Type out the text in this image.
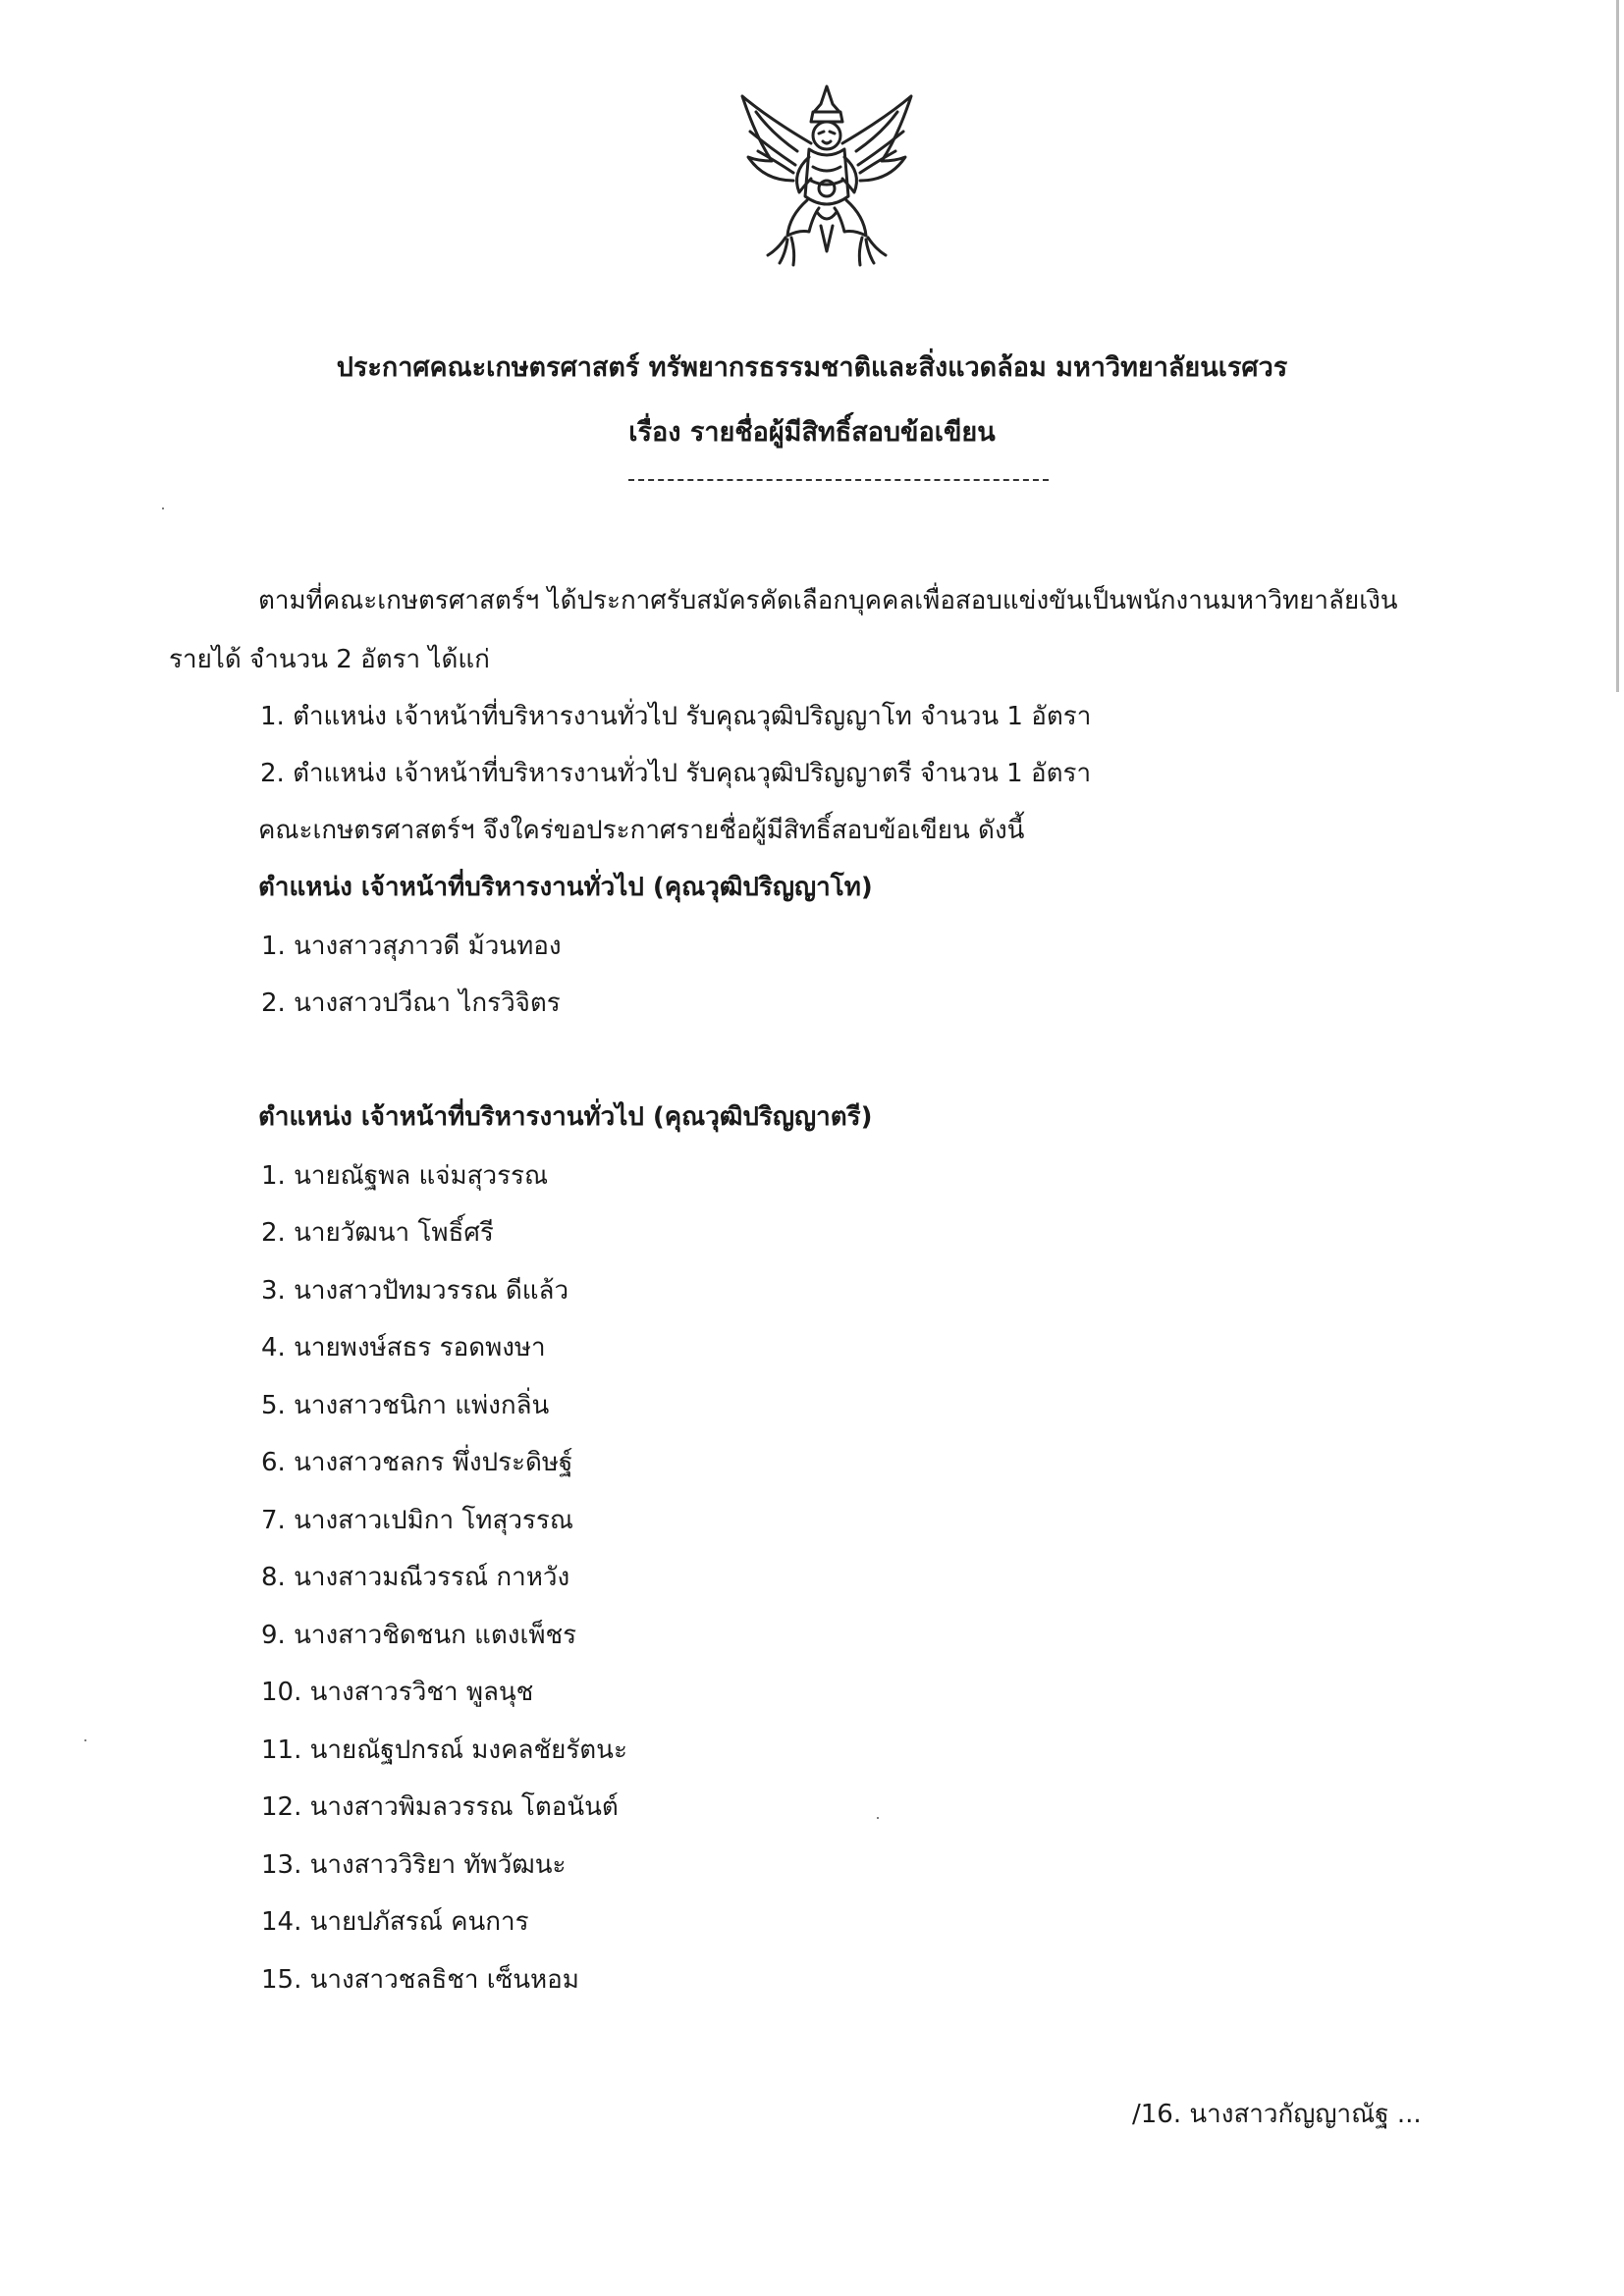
ประกาศคณะเกษตรศาสตร์ ทรัพยากรธรรมชาติและสิ่งแวดล้อม มหาวิทยาลัยนเรศวร
เรื่อง รายชื่อผู้มีสิทธิ์สอบข้อเขียน
ตามที่คณะเกษตรศาสตร์ฯ ได้ประกาศรับสมัครคัดเลือกบุคคลเพื่อสอบแข่งขันเป็นพนักงานมหาวิทยาลัยเงิน
รายได้ จำนวน 2 อัตรา ได้แก่
1. ตำแหน่ง เจ้าหน้าที่บริหารงานทั่วไป รับคุณวุฒิปริญญาโท จำนวน 1 อัตรา
2. ตำแหน่ง เจ้าหน้าที่บริหารงานทั่วไป รับคุณวุฒิปริญญาตรี จำนวน 1 อัตรา
คณะเกษตรศาสตร์ฯ จึงใคร่ขอประกาศรายชื่อผู้มีสิทธิ์สอบข้อเขียน ดังนี้
ตำแหน่ง เจ้าหน้าที่บริหารงานทั่วไป (คุณวุฒิปริญญาโท)
1. นางสาวสุภาวดี ม้วนทอง
2. นางสาวปวีณา ไกรวิจิตร
ตำแหน่ง เจ้าหน้าที่บริหารงานทั่วไป (คุณวุฒิปริญญาตรี)
1. นายณัฐพล แจ่มสุวรรณ
2. นายวัฒนา โพธิ์ศรี
3. นางสาวปัทมวรรณ ดีแล้ว
4. นายพงษ์สธร รอดพงษา
5. นางสาวชนิกา แพ่งกลิ่น
6. นางสาวชลกร พึ่งประดิษฐ์
7. นางสาวเปมิกา โทสุวรรณ
8. นางสาวมณีวรรณ์ กาหวัง
9. นางสาวชิดชนก แตงเพ็ชร
10. นางสาวรวิชา พูลนุช
11. นายณัฐปกรณ์ มงคลชัยรัตนะ
12. นางสาวพิมลวรรณ โตอนันต์
13. นางสาววิริยา ทัพวัฒนะ
14. นายปภัสรณ์ คนการ
15. นางสาวชลธิชา เซ็นหอม
/16. นางสาวกัญญาณัฐ ...
